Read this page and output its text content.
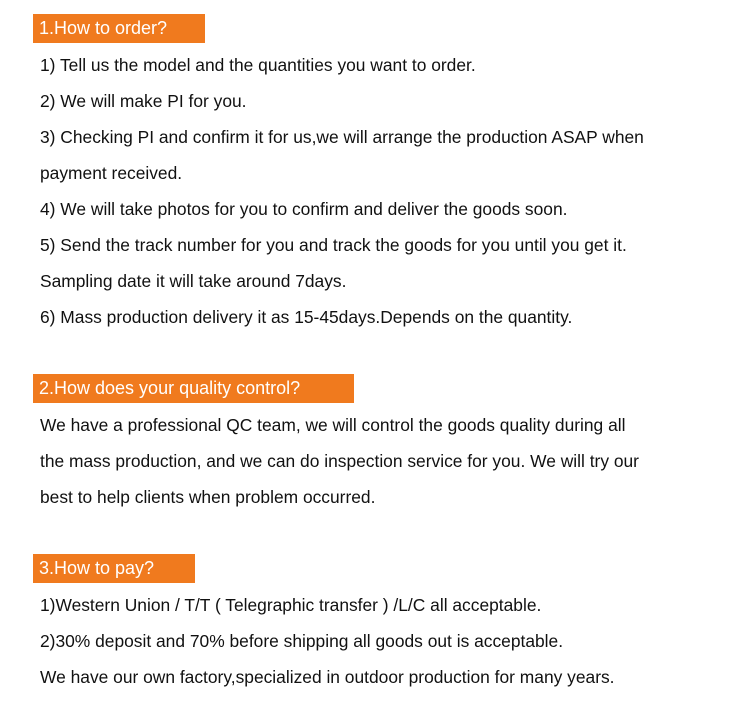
1.How to order?
1) Tell us the model and the quantities you want to order.
2) We will make PI for you.
3) Checking PI and confirm it for us,we will arrange the production ASAP when
payment received.
4) We will take photos for you to confirm and deliver the goods soon.
5) Send the track number for you and track the goods for you until you get it.
Sampling date it will take around 7days.
6) Mass production delivery it as 15-45days.Depends on the quantity.
2.How does your quality control?
We have a professional QC team, we will control the goods quality during all
the mass production, and we can do inspection service for you. We will try our
best to help clients when problem occurred.
3.How to pay?
1)Western Union / T/T ( Telegraphic transfer ) /L/C all acceptable.
2)30% deposit and 70% before shipping all goods out is acceptable.
We have our own factory,specialized in outdoor production for many years.
